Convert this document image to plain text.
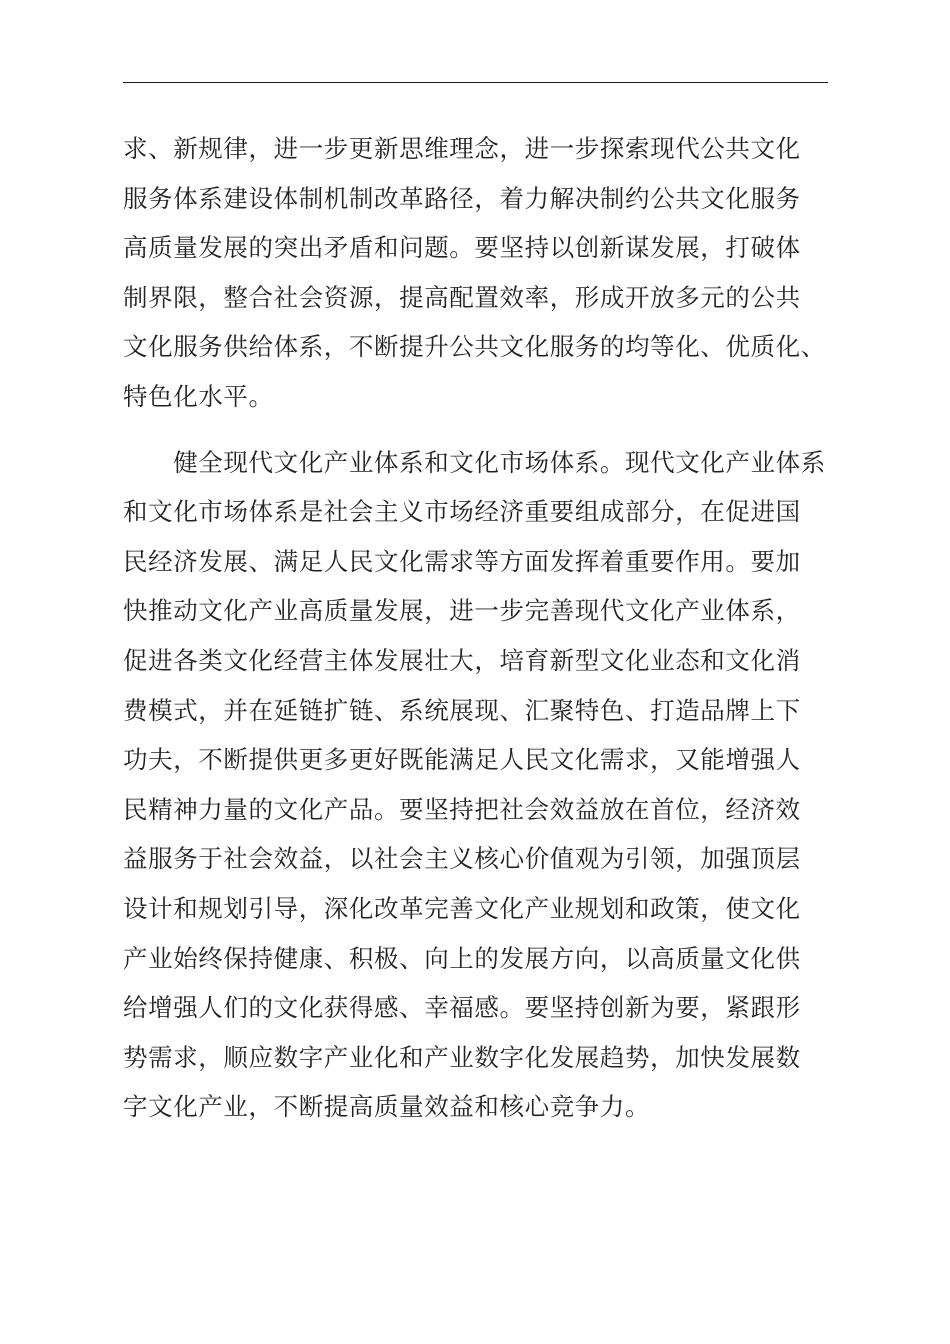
求、新规律，进一步更新思维理念，进一步探索现代公共文化
服务体系建设体制机制改革路径，着力解决制约公共文化服务
高质量发展的突出矛盾和问题。要坚持以创新谋发展，打破体
制界限，整合社会资源，提高配置效率，形成开放多元的公共
文化服务供给体系，不断提升公共文化服务的均等化、优质化、
特色化水平。
　　健全现代文化产业体系和文化市场体系。现代文化产业体系
和文化市场体系是社会主义市场经济重要组成部分，在促进国
民经济发展、满足人民文化需求等方面发挥着重要作用。要加
快推动文化产业高质量发展，进一步完善现代文化产业体系，
促进各类文化经营主体发展壮大，培育新型文化业态和文化消
费模式，并在延链扩链、系统展现、汇聚特色、打造品牌上下
功夫，不断提供更多更好既能满足人民文化需求，又能增强人
民精神力量的文化产品。要坚持把社会效益放在首位，经济效
益服务于社会效益，以社会主义核心价值观为引领，加强顶层
设计和规划引导，深化改革完善文化产业规划和政策，使文化
产业始终保持健康、积极、向上的发展方向，以高质量文化供
给增强人们的文化获得感、幸福感。要坚持创新为要，紧跟形
势需求，顺应数字产业化和产业数字化发展趋势，加快发展数
字文化产业，不断提高质量效益和核心竞争力。
